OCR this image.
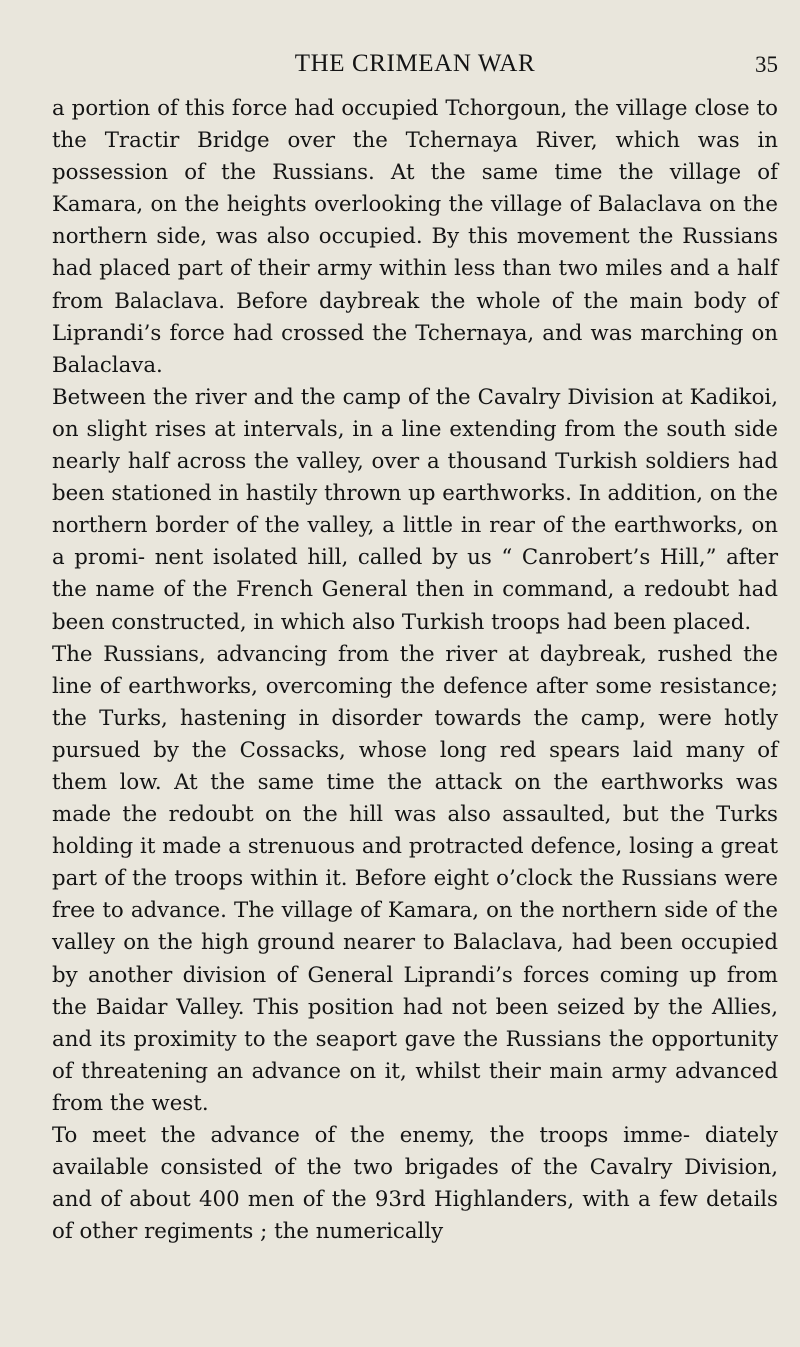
THE CRIMEAN WAR	35

a portion of this force had occupied Tchorgoun, the village close to the Tractir Bridge over the Tchernaya River, which was in possession of the Russians. At the same time the village of Kamara, on the heights overlooking the village of Balaclava on the northern side, was also occupied. By this movement the Russians had placed part of their army within less than two miles and a half from Balaclava. Before daybreak the whole of the main body of Liprandi’s force had crossed the Tchernaya, and was marching on Balaclava.

Between the river and the camp of the Cavalry Division at Kadikoi, on slight rises at intervals, in a line extending from the south side nearly half across the valley, over a thousand Turkish soldiers had been stationed in hastily thrown up earthworks. In addition, on the northern border of the valley, a little in rear of the earthworks, on a promi- nent isolated hill, called by us “ Canrobert’s Hill,” after the name of the French General then in command, a redoubt had been constructed, in which also Turkish troops had been placed.

The Russians, advancing from the river at daybreak, rushed the line of earthworks, overcoming the defence after some resistance; the Turks, hastening in disorder towards the camp, were hotly pursued by the Cossacks, whose long red spears laid many of them low. At the same time the attack on the earthworks was made the redoubt on the hill was also assaulted, but the Turks holding it made a strenuous and protracted defence, losing a great part of the troops within it. Before eight o’clock the Russians were free to advance. The village of Kamara, on the northern side of the valley on the high ground nearer to Balaclava, had been occupied by another division of General Liprandi’s forces coming up from the Baidar Valley. This position had not been seized by the Allies, and its proximity to the seaport gave the Russians the opportunity of threatening an advance on it, whilst their main army advanced from the west.

To meet the advance of the enemy, the troops imme- diately available consisted of the two brigades of the Cavalry Division, and of about 400 men of the 93rd Highlanders, with a few details of other regiments ; the numerically
